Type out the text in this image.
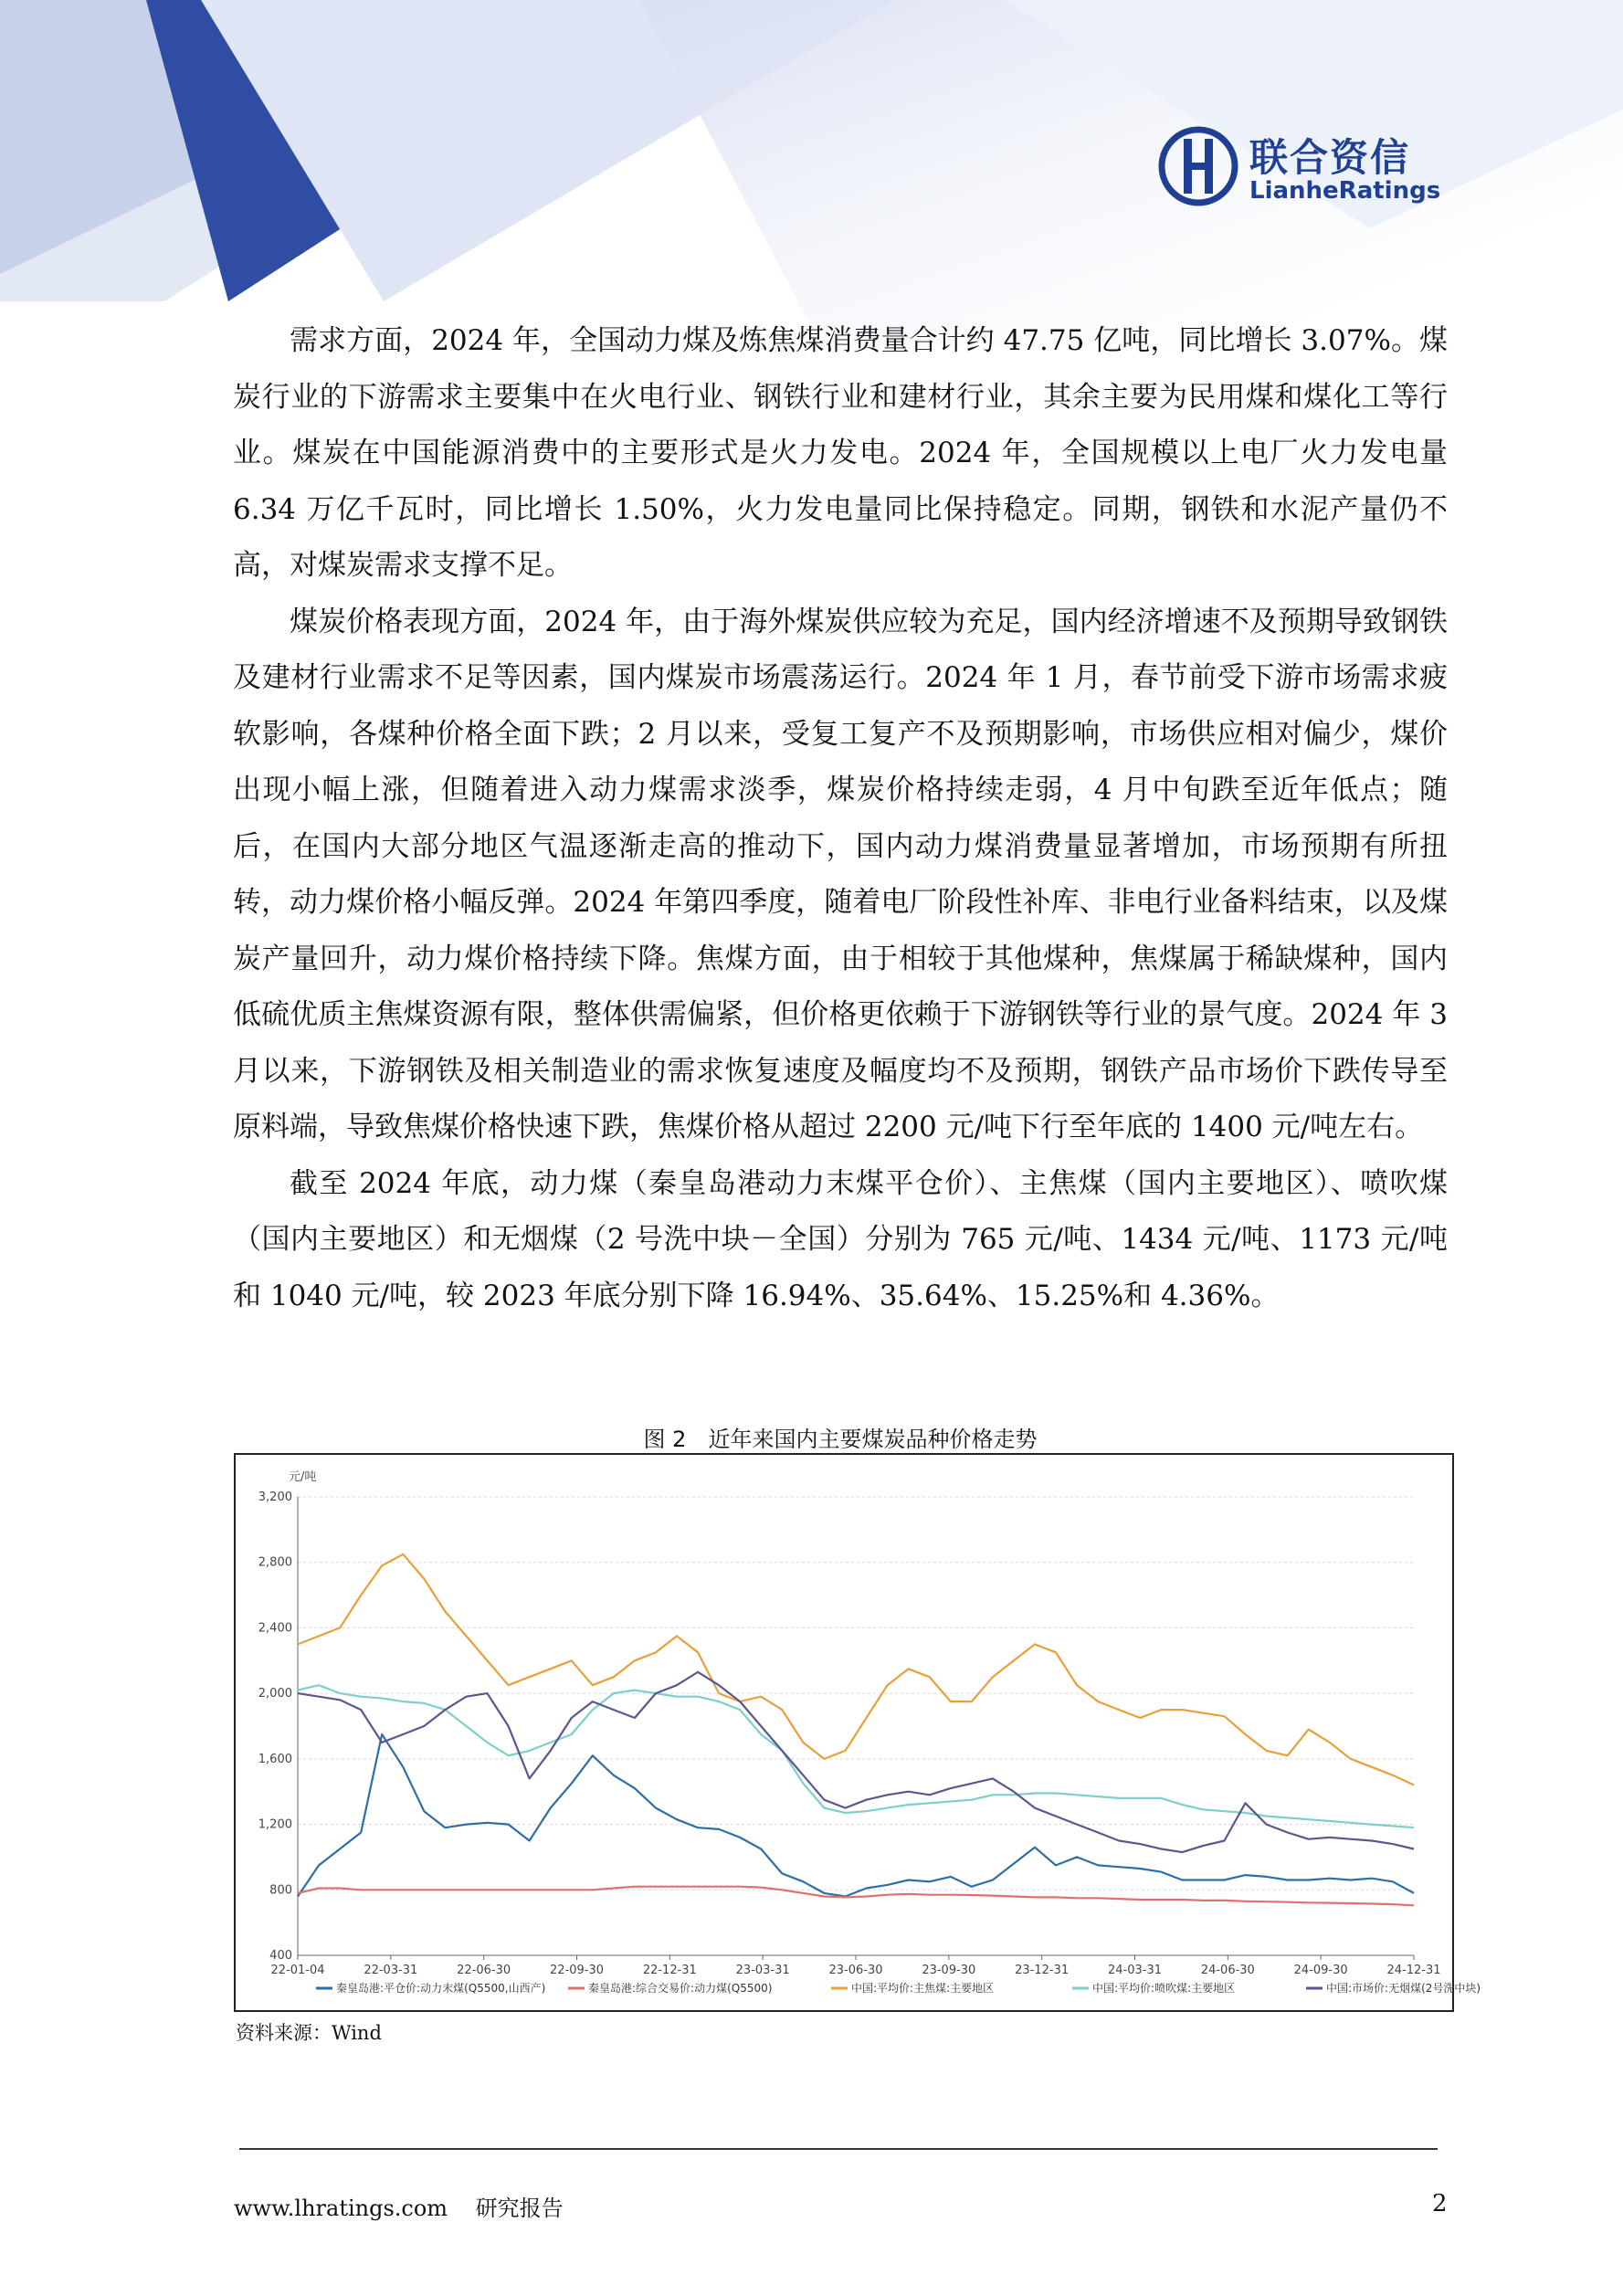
联合资信
LianheRatings

需求方面，2024 年，全国动力煤及炼焦煤消费量合计约 47.75 亿吨，同比增长 3.07%。煤炭行业的下游需求主要集中在火电行业、钢铁行业和建材行业，其余主要为民用煤和煤化工等行业。煤炭在中国能源消费中的主要形式是火力发电。2024 年，全国规模以上电厂火力发电量 6.34 万亿千瓦时，同比增长 1.50%，火力发电量同比保持稳定。同期，钢铁和水泥产量仍不高，对煤炭需求支撑不足。

煤炭价格表现方面，2024 年，由于海外煤炭供应较为充足，国内经济增速不及预期导致钢铁及建材行业需求不足等因素，国内煤炭市场震荡运行。2024 年 1 月，春节前受下游市场需求疲软影响，各煤种价格全面下跌；2 月以来，受复工复产不及预期影响，市场供应相对偏少，煤价出现小幅上涨，但随着进入动力煤需求淡季，煤炭价格持续走弱，4 月中旬跌至近年低点；随后，在国内大部分地区气温逐渐走高的推动下，国内动力煤消费量显著增加，市场预期有所扭转，动力煤价格小幅反弹。2024 年第四季度，随着电厂阶段性补库、非电行业备料结束，以及煤炭产量回升，动力煤价格持续下降。焦煤方面，由于相较于其他煤种，焦煤属于稀缺煤种，国内低硫优质主焦煤资源有限，整体供需偏紧，但价格更依赖于下游钢铁等行业的景气度。2024 年 3 月以来，下游钢铁及相关制造业的需求恢复速度及幅度均不及预期，钢铁产品市场价下跌传导至原料端，导致焦煤价格快速下跌，焦煤价格从超过 2200 元/吨下行至年底的 1400 元/吨左右。

截至 2024 年底，动力煤（秦皇岛港动力末煤平仓价）、主焦煤（国内主要地区）、喷吹煤（国内主要地区）和无烟煤（2 号洗中块－全国）分别为 765 元/吨、1434 元/吨、1173 元/吨和 1040 元/吨，较 2023 年底分别下降 16.94%、35.64%、15.25%和 4.36%。

图 2　近年来国内主要煤炭品种价格走势
元/吨
400
800
1,200
1,600
2,000
2,400
2,800
3,200
22-01-04	22-03-31	22-06-30	22-09-30	22-12-31	23-03-31	23-06-30	23-09-30	23-12-31	24-03-31	24-06-30	24-09-30	24-12-31
秦皇岛港:平仓价:动力末煤(Q5500,山西产)	秦皇岛港:综合交易价:动力煤(Q5500)	中国:平均价:主焦煤:主要地区	中国:平均价:喷吹煤:主要地区	中国:市场价:无烟煤(2号洗中块)
资料来源：Wind
www.lhratings.com 研究报告	2
